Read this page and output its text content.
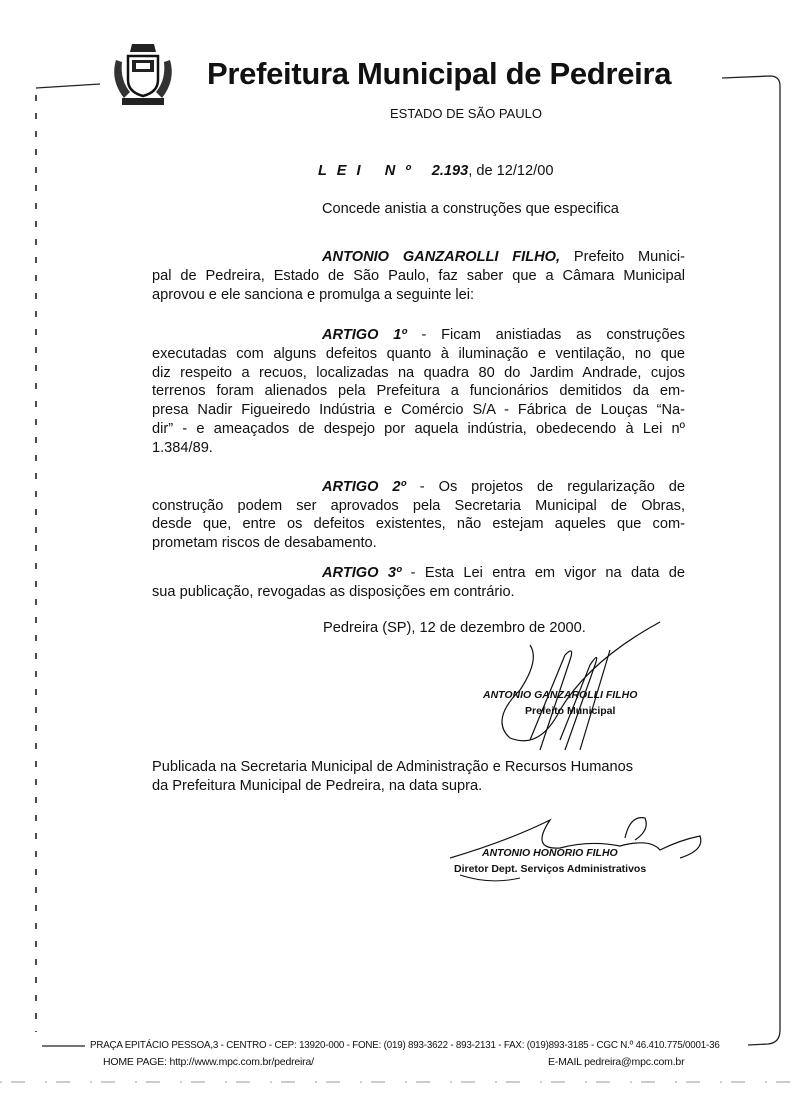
Prefeitura Municipal de Pedreira
ESTADO DE SÃO PAULO
L E I   N º 2.193, de 12/12/00
Concede anistia a construções que especifica
ANTONIO GANZAROLLI FILHO, Prefeito Munici-
pal de Pedreira, Estado de São Paulo, faz saber que a Câmara Municipal
aprovou e ele sanciona e promulga a seguinte lei:
ARTIGO 1º - Ficam anistiadas as construções
executadas com alguns defeitos quanto à iluminação e ventilação, no que
diz respeito a recuos, localizadas na quadra 80 do Jardim Andrade, cujos
terrenos foram alienados pela Prefeitura a funcionários demitidos da em-
presa Nadir Figueiredo Indústria e Comércio S/A - Fábrica de Louças “Na-
dir” - e ameaçados de despejo por aquela indústria, obedecendo à Lei nº
1.384/89.
ARTIGO 2º - Os projetos de regularização de
construção podem ser aprovados pela Secretaria Municipal de Obras,
desde que, entre os defeitos existentes, não estejam aqueles que com-
prometam riscos de desabamento.
ARTIGO 3º - Esta Lei entra em vigor na data de
sua publicação, revogadas as disposições em contrário.
Pedreira (SP), 12 de dezembro de 2000.
ANTONIO GANZAROLLI FILHO
Prefeito Municipal
Publicada na Secretaria Municipal de Administração e Recursos Humanos
da Prefeitura Municipal de Pedreira, na data supra.
ANTONIO HONORIO FILHO
Diretor Dept. Serviços Administrativos
PRAÇA EPITÁCIO PESSOA,3 - CENTRO - CEP: 13920-000 - FONE: (019) 893-3622 - 893-2131 - FAX: (019)893-3185 - CGC N.º 46.410.775/0001-36
HOME PAGE: http://www.mpc.com.br/pedreira/	E-MAIL pedreira@mpc.com.br
